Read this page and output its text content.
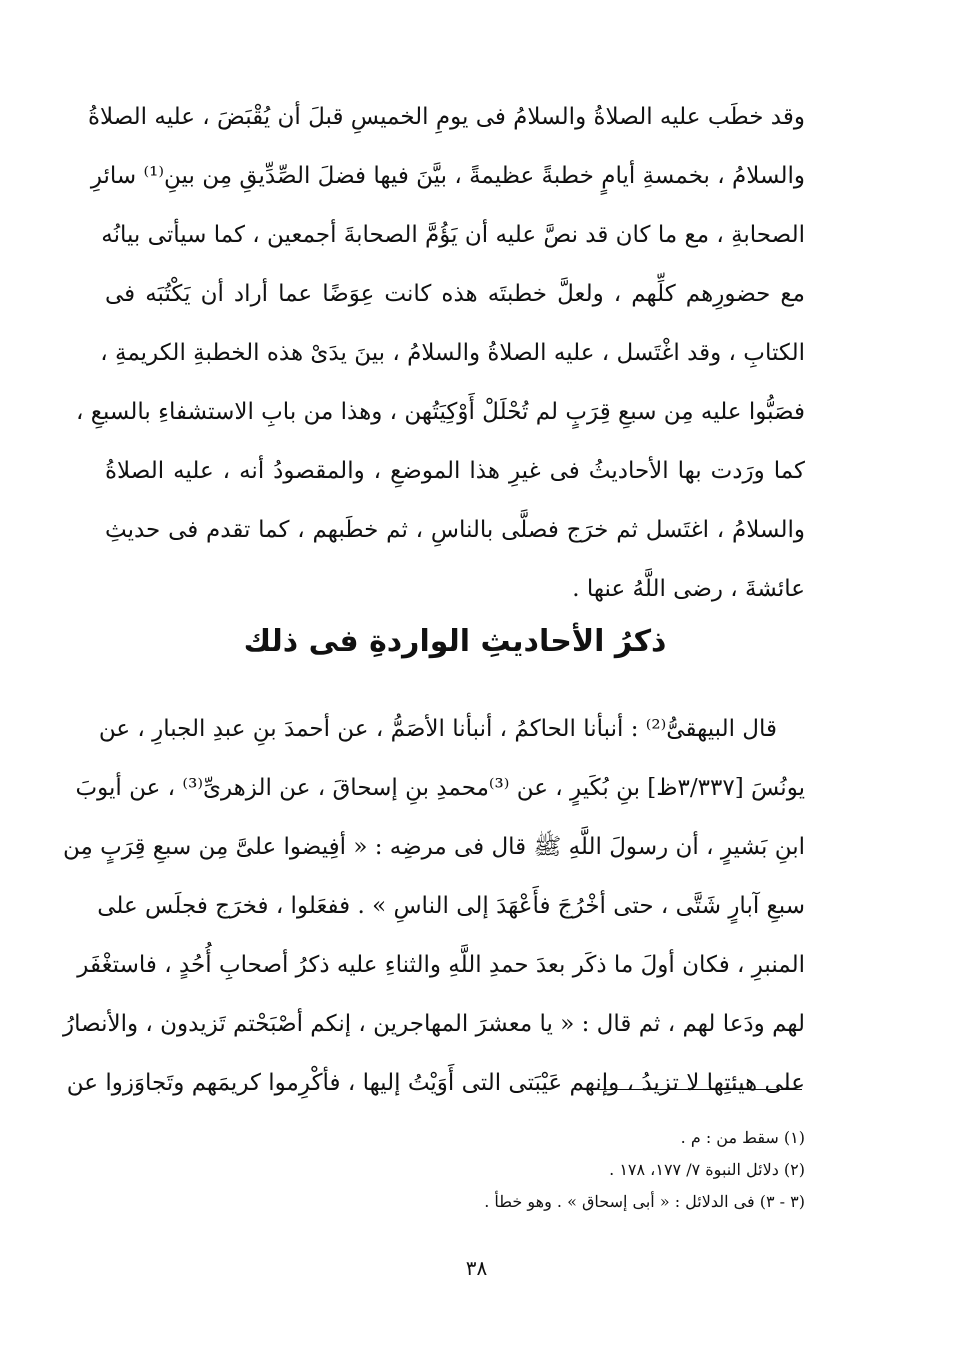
وقد خطَب عليه الصلاةُ والسلامُ فى يومِ الخميسِ قبلَ أن يُقْبَضَ ، عليه الصلاةُ
والسلامُ ، بخمسةِ أيامٍ خطبةً عظيمةً ، بيَّنَ فيها فضلَ الصِّدِّيقِ مِن بينِ⁽¹⁾ سائرِ
الصحابةِ ، مع ما كان قد نصَّ عليه أن يَؤُمَّ الصحابةَ أجمعين ، كما سيأتى بيانُه
مع حضورِهم كلِّهم ، ولعلَّ خطبتَه هذه كانت عِوَضًا عما أراد أن يَكْتُبَه فى
الكتابِ ، وقد اغْتَسل ، عليه الصلاةُ والسلامُ ، بينَ يدَىْ هذه الخطبةِ الكريمةِ ،
فصَبُّوا عليه مِن سبعِ قِرَبٍ لم تُحْلَلْ أَوْكِيَتُهن ، وهذا من بابِ الاستشفاءِ بالسبعِ ،
كما ورَدت بها الأحاديثُ فى غيرِ هذا الموضعِ ، والمقصودُ أنه ، عليه الصلاةُ
والسلامُ ، اغتَسل ثم خرَج فصلَّى بالناسِ ، ثم خطَبهم ، كما تقدم فى حديثِ
عائشةَ ، رضى اللَّهُ عنها .
ذكرُ الأحاديثِ الواردةِ فى ذلك
قال البيهقىُّ⁽²⁾ : أنبأنا الحاكمُ ، أنبأنا الأصَمُّ ، عن أحمدَ بنِ عبدِ الجبارِ ، عن
يونُسَ [٣/٣٣٧ظ] بنِ بُكَيرٍ ، عن ⁽³⁾محمدِ بنِ إسحاقَ ، عن الزهرىِّ⁽³⁾ ، عن أيوبَ
ابنِ بَشيرٍ ، أن رسولَ اللَّهِ ﷺ قال فى مرضِه : « أفِيضوا علىَّ مِن سبعِ قِرَبٍ مِن
سبعِ آبارٍ شَتَّى ، حتى أخْرُجَ فأَعْهَدَ إلى الناسِ » . ففعَلوا ، فخرَج فجلَس على
المنبرِ ، فكان أولَ ما ذكَر بعدَ حمدِ اللَّهِ والثناءِ عليه ذكرُ أصحابِ أُحُدٍ ، فاستغْفَر
لهم ودَعا لهم ، ثم قال : « يا معشرَ المهاجرين ، إنكم أصْبَحْتم تَزيدون ، والأنصارُ
على هيئتِها لا تزيدُ ، وإنهم عَيْبَتى التى أَوَيْتُ إليها ، فأكْرِموا كريمَهم وتَجاوَزوا عن
(١) سقط من : م .
(٢) دلائل النبوة ٧/ ١٧٧، ١٧٨ .
(٣ - ٣) فى الدلائل : « أبى إسحاق » . وهو خطأ .
٣٨
